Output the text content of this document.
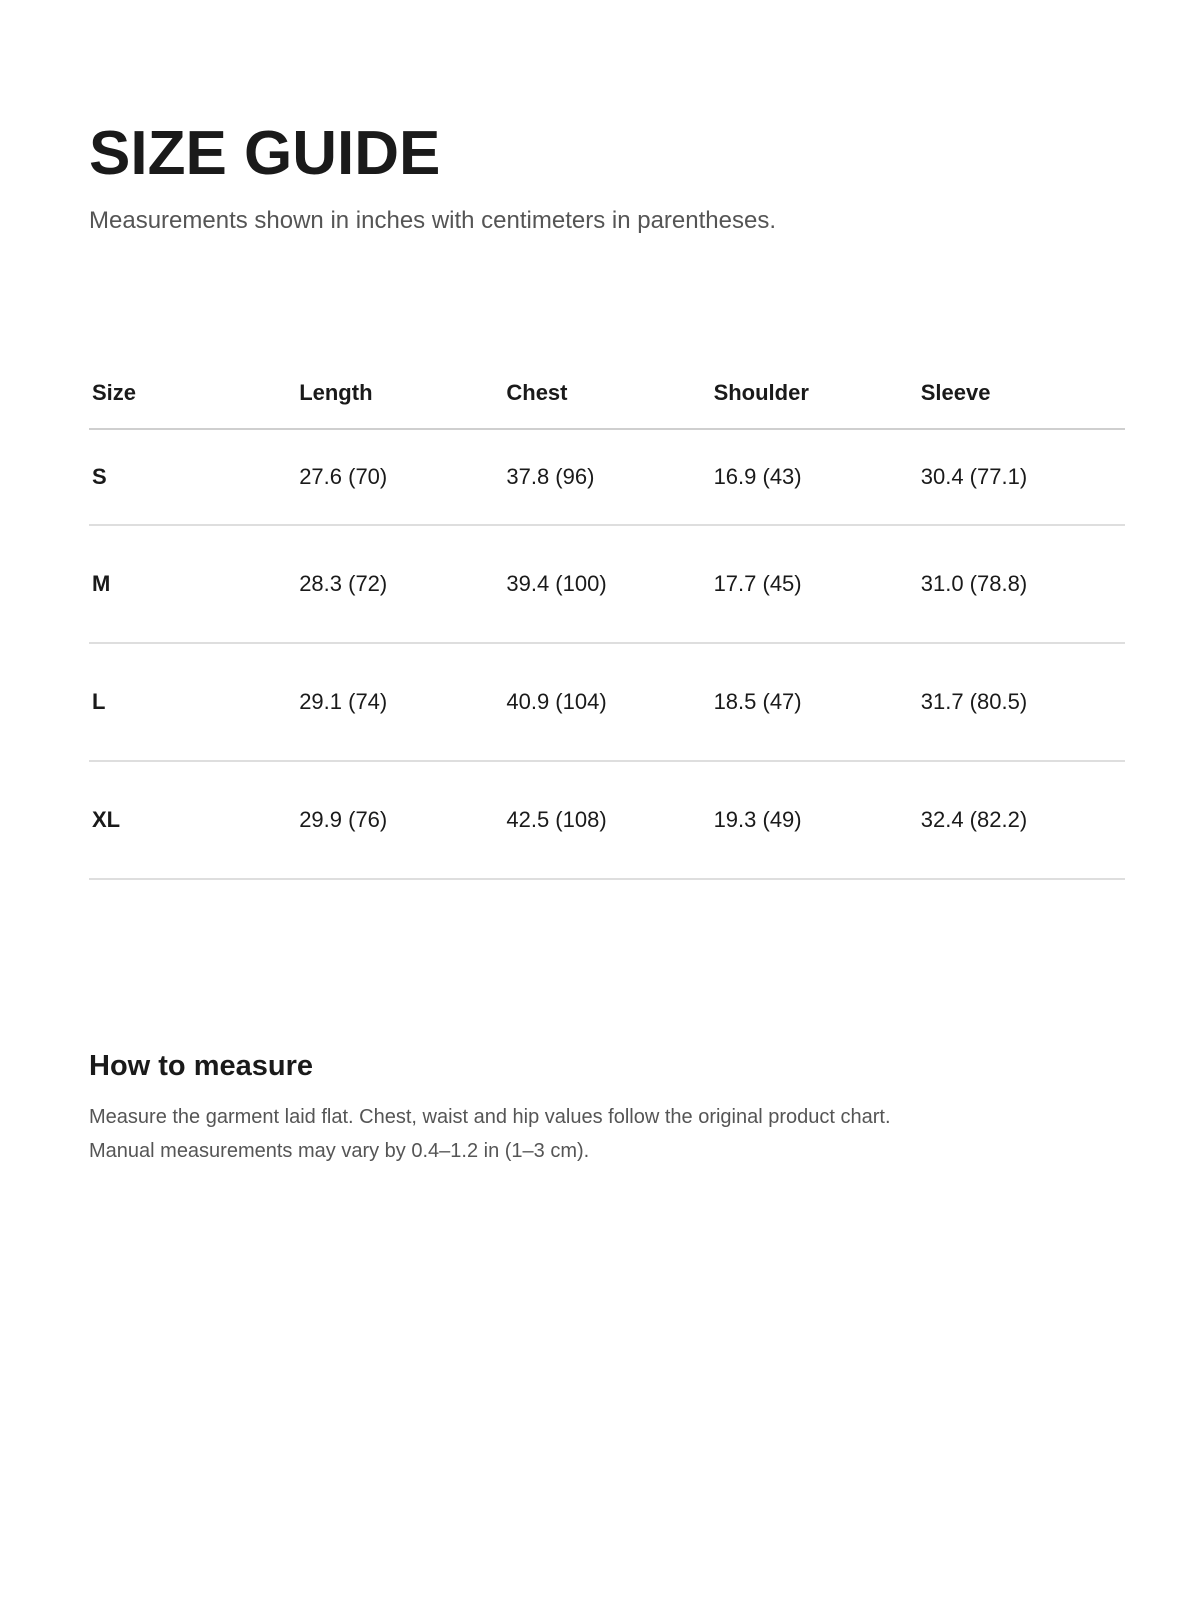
SIZE GUIDE

Measurements shown in inches with centimeters in parentheses.

Size	Length	Chest	Shoulder	Sleeve
S	27.6 (70)	37.8 (96)	16.9 (43)	30.4 (77.1)
M	28.3 (72)	39.4 (100)	17.7 (45)	31.0 (78.8)
L	29.1 (74)	40.9 (104)	18.5 (47)	31.7 (80.5)
XL	29.9 (76)	42.5 (108)	19.3 (49)	32.4 (82.2)
How to measure
Measure the garment laid flat. Chest, waist and hip values follow the original product chart.
Manual measurements may vary by 0.4–1.2 in (1–3 cm).
